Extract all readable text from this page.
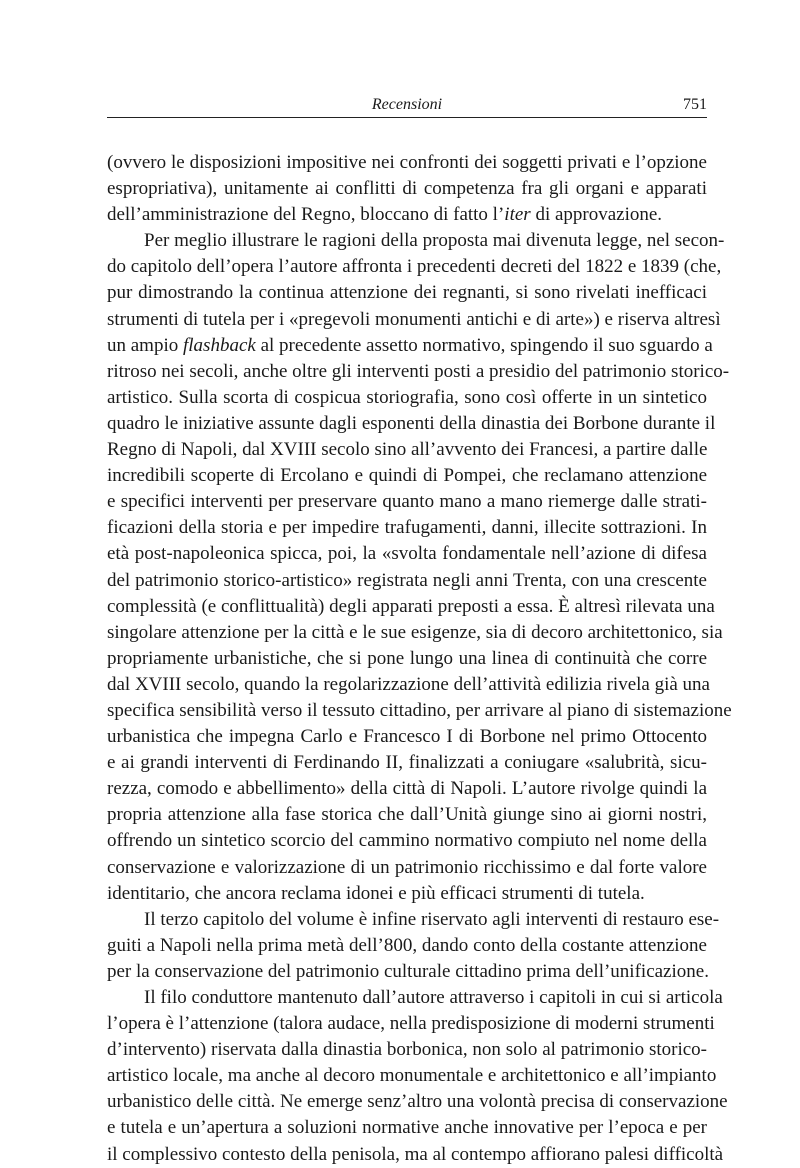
Recensioni	751
(ovvero le disposizioni impositive nei confronti dei soggetti privati e l’opzione
espropriativa), unitamente ai conflitti di competenza fra gli organi e apparati
dell’amministrazione del Regno, bloccano di fatto l’iter di approvazione.
Per meglio illustrare le ragioni della proposta mai divenuta legge, nel secon-
do capitolo dell’opera l’autore affronta i precedenti decreti del 1822 e 1839 (che,
pur dimostrando la continua attenzione dei regnanti, si sono rivelati inefficaci
strumenti di tutela per i «pregevoli monumenti antichi e di arte») e riserva altresì
un ampio flashback al precedente assetto normativo, spingendo il suo sguardo a
ritroso nei secoli, anche oltre gli interventi posti a presidio del patrimonio storico-
artistico. Sulla scorta di cospicua storiografia, sono così offerte in un sintetico
quadro le iniziative assunte dagli esponenti della dinastia dei Borbone durante il
Regno di Napoli, dal XVIII secolo sino all’avvento dei Francesi, a partire dalle
incredibili scoperte di Ercolano e quindi di Pompei, che reclamano attenzione
e specifici interventi per preservare quanto mano a mano riemerge dalle strati-
ficazioni della storia e per impedire trafugamenti, danni, illecite sottrazioni. In
età post-napoleonica spicca, poi, la «svolta fondamentale nell’azione di difesa
del patrimonio storico-artistico» registrata negli anni Trenta, con una crescente
complessità (e conflittualità) degli apparati preposti a essa. È altresì rilevata una
singolare attenzione per la città e le sue esigenze, sia di decoro architettonico, sia
propriamente urbanistiche, che si pone lungo una linea di continuità che corre
dal XVIII secolo, quando la regolarizzazione dell’attività edilizia rivela già una
specifica sensibilità verso il tessuto cittadino, per arrivare al piano di sistemazione
urbanistica che impegna Carlo e Francesco I di Borbone nel primo Ottocento
e ai grandi interventi di Ferdinando II, finalizzati a coniugare «salubrità, sicu-
rezza, comodo e abbellimento» della città di Napoli. L’autore rivolge quindi la
propria attenzione alla fase storica che dall’Unità giunge sino ai giorni nostri,
offrendo un sintetico scorcio del cammino normativo compiuto nel nome della
conservazione e valorizzazione di un patrimonio ricchissimo e dal forte valore
identitario, che ancora reclama idonei e più efficaci strumenti di tutela.
Il terzo capitolo del volume è infine riservato agli interventi di restauro ese-
guiti a Napoli nella prima metà dell’800, dando conto della costante attenzione
per la conservazione del patrimonio culturale cittadino prima dell’unificazione.
Il filo conduttore mantenuto dall’autore attraverso i capitoli in cui si articola
l’opera è l’attenzione (talora audace, nella predisposizione di moderni strumenti
d’intervento) riservata dalla dinastia borbonica, non solo al patrimonio storico-
artistico locale, ma anche al decoro monumentale e architettonico e all’impianto
urbanistico delle città. Ne emerge senz’altro una volontà precisa di conservazione
e tutela e un’apertura a soluzioni normative anche innovative per l’epoca e per
il complessivo contesto della penisola, ma al contempo affiorano palesi difficoltà
